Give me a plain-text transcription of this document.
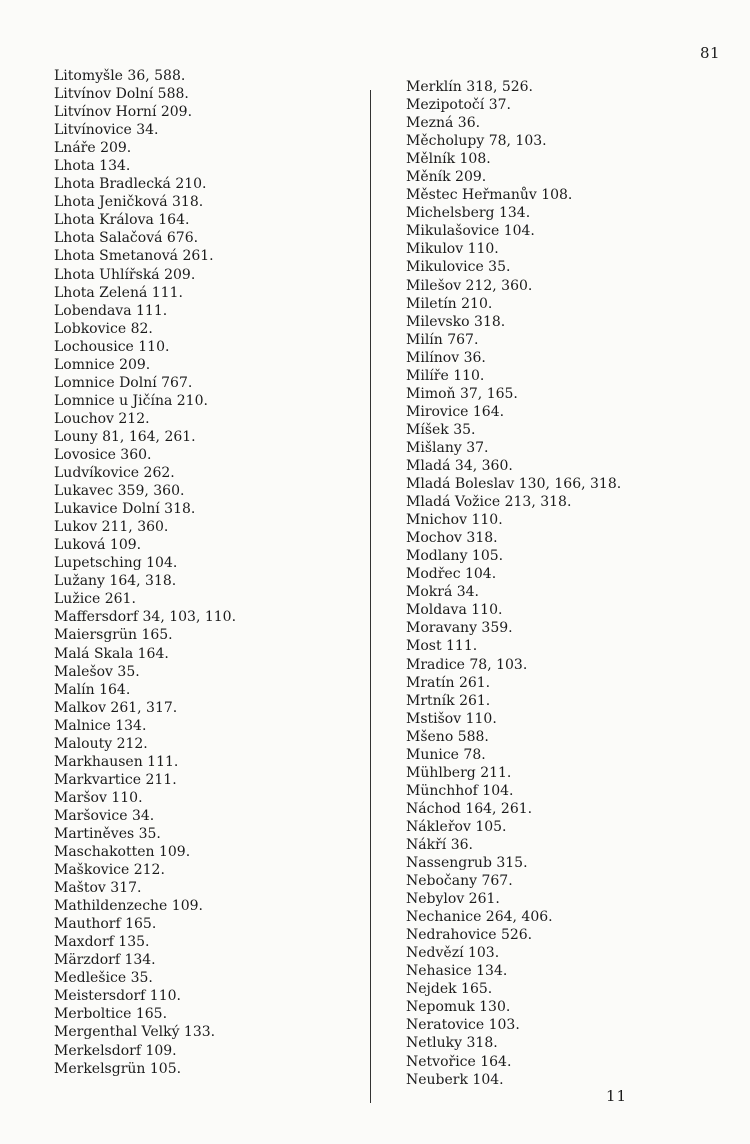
81
Litomyšle 36, 588.
Litvínov Dolní 588.
Litvínov Horní 209.
Litvínovice 34.
Lnáře 209.
Lhota 134.
Lhota Bradlecká 210.
Lhota Jeničková 318.
Lhota Králova 164.
Lhota Salačová 676.
Lhota Smetanová 261.
Lhota Uhlířská 209.
Lhota Zelená 111.
Lobendava 111.
Lobkovice 82.
Lochousice 110.
Lomnice 209.
Lomnice Dolní 767.
Lomnice u Jičína 210.
Louchov 212.
Louny 81, 164, 261.
Lovosice 360.
Ludvíkovice 262.
Lukavec 359, 360.
Lukavice Dolní 318.
Lukov 211, 360.
Luková 109.
Lupetsching 104.
Lužany 164, 318.
Lužice 261.
Maffersdorf 34, 103, 110.
Maiersgrün 165.
Malá Skala 164.
Malešov 35.
Malín 164.
Malkov 261, 317.
Malnice 134.
Malouty 212.
Markhausen 111.
Markvartice 211.
Maršov 110.
Maršovice 34.
Martiněves 35.
Maschakotten 109.
Maškovice 212.
Maštov 317.
Mathildenzeche 109.
Mauthorf 165.
Maxdorf 135.
Märzdorf 134.
Medlešice 35.
Meistersdorf 110.
Merboltice 165.
Mergenthal Velký 133.
Merkelsdorf 109.
Merkelsgrün 105.
Merklín 318, 526.
Mezipotočí 37.
Mezná 36.
Měcholupy 78, 103.
Mělník 108.
Měník 209.
Městec Heřmanův 108.
Michelsberg 134.
Mikulašovice 104.
Mikulov 110.
Mikulovice 35.
Milešov 212, 360.
Miletín 210.
Milevsko 318.
Milín 767.
Milínov 36.
Milíře 110.
Mimoň 37, 165.
Mirovice 164.
Míšek 35.
Mišlany 37.
Mladá 34, 360.
Mladá Boleslav 130, 166, 318.
Mladá Vožice 213, 318.
Mnichov 110.
Mochov 318.
Modlany 105.
Modřec 104.
Mokrá 34.
Moldava 110.
Moravany 359.
Most 111.
Mradice 78, 103.
Mratín 261.
Mrtník 261.
Mstišov 110.
Mšeno 588.
Munice 78.
Mühlberg 211.
Münchhof 104.
Náchod 164, 261.
Nákleřov 105.
Nákří 36.
Nassengrub 315.
Nebočany 767.
Nebylov 261.
Nechanice 264, 406.
Nedrahovice 526.
Nedvězí 103.
Nehasice 134.
Nejdek 165.
Nepomuk 130.
Neratovice 103.
Netluky 318.
Netvořice 164.
Neuberk 104.
11
